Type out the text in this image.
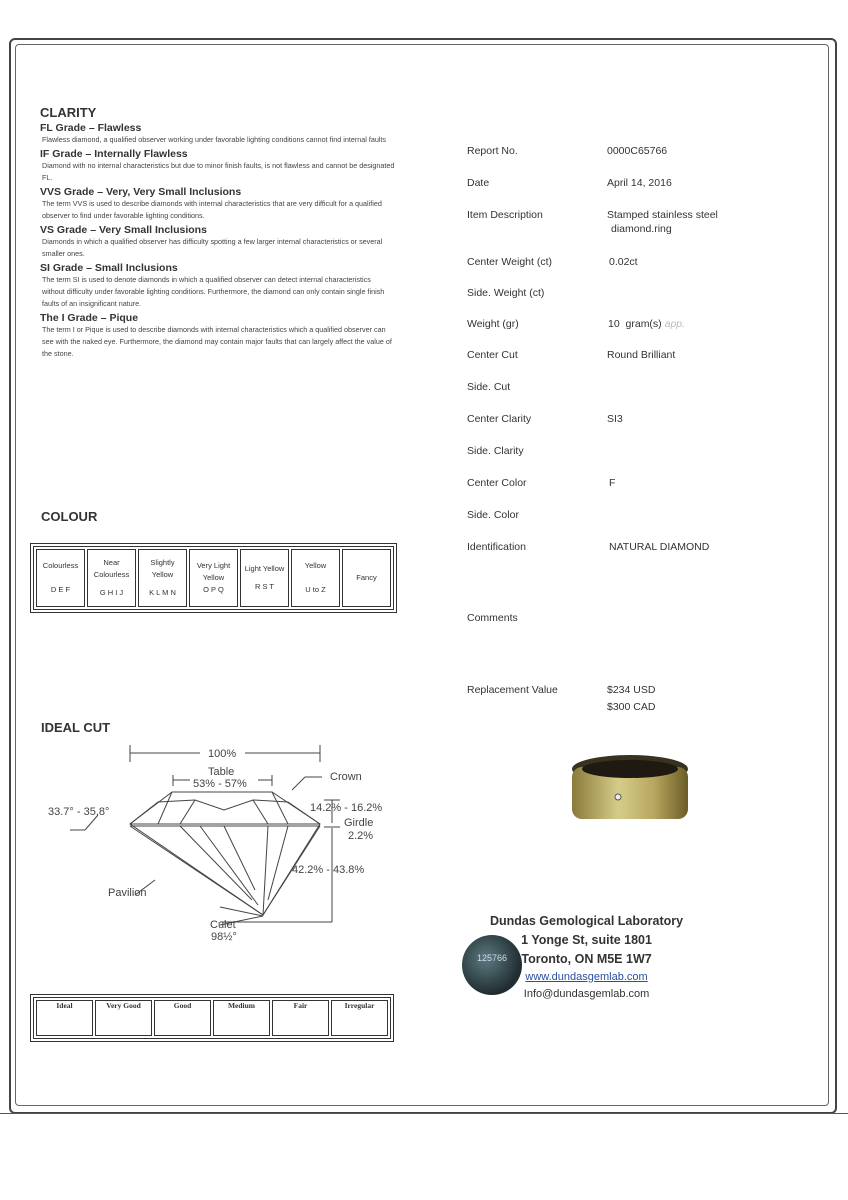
CLARITY
FL Grade – Flawless
Flawless diamond, a qualified observer working under favorable lighting conditions cannot find internal faults
IF Grade – Internally Flawless
Diamond with no internal characteristics but due to minor finish faults, is not flawless and cannot be designated FL.
VVS Grade – Very, Very Small Inclusions
The term VVS is used to describe diamonds with internal characteristics that are very difficult for a qualified observer to find under favorable lighting conditions.
VS Grade – Very Small Inclusions
Diamonds in which a qualified observer has difficulty spotting a few larger internal characteristics or several smaller ones.
SI Grade – Small Inclusions
The term SI is used to denote diamonds in which a qualified observer can detect internal characteristics without difficulty under favorable lighting conditions. Furthermore, the diamond can only contain single finish faults of an insignificant nature.
The I Grade – Pique
The term I or Pique is used to describe diamonds with internal characteristics which a qualified observer can see with the naked eye. Furthermore, the diamond may contain major faults that can largely affect the value of the stone.
COLOUR
Colourless

D E F

Near Colourless
G H I J

Slightly Yellow
K L M N

Very Light Yellow
O P Q

Light Yellow
R S T

Yellow

U to Z

Fancy
IDEAL CUT
100%
Table
53% - 57%
Crown
33.7° - 35.8°	14.2% - 16.2%
Girdle
2.2%
42.2% - 43.8%
Pavilion
Culet
98½°
Ideal	Very Good	Good	Medium	Fair	Irregular
Report No.	0000C65766
Date	April 14, 2016
Item Description	Stamped stainless steel
diamond.ring
Center Weight (ct)	0.02ct
Side. Weight (ct)
Weight (gr)	10  gram(s) app.
Center Cut	Round Brilliant
Side. Cut
Center Clarity	SI3
Side. Clarity
Center Color	F
Side. Color
Identification	NATURAL DIAMOND
Comments
Replacement Value	$234 USD
$300 CAD
125766
Dundas Gemological Laboratory
1 Yonge St, suite 1801
Toronto, ON M5E 1W7
www.dundasgemlab.com
Info@dundasgemlab.com
